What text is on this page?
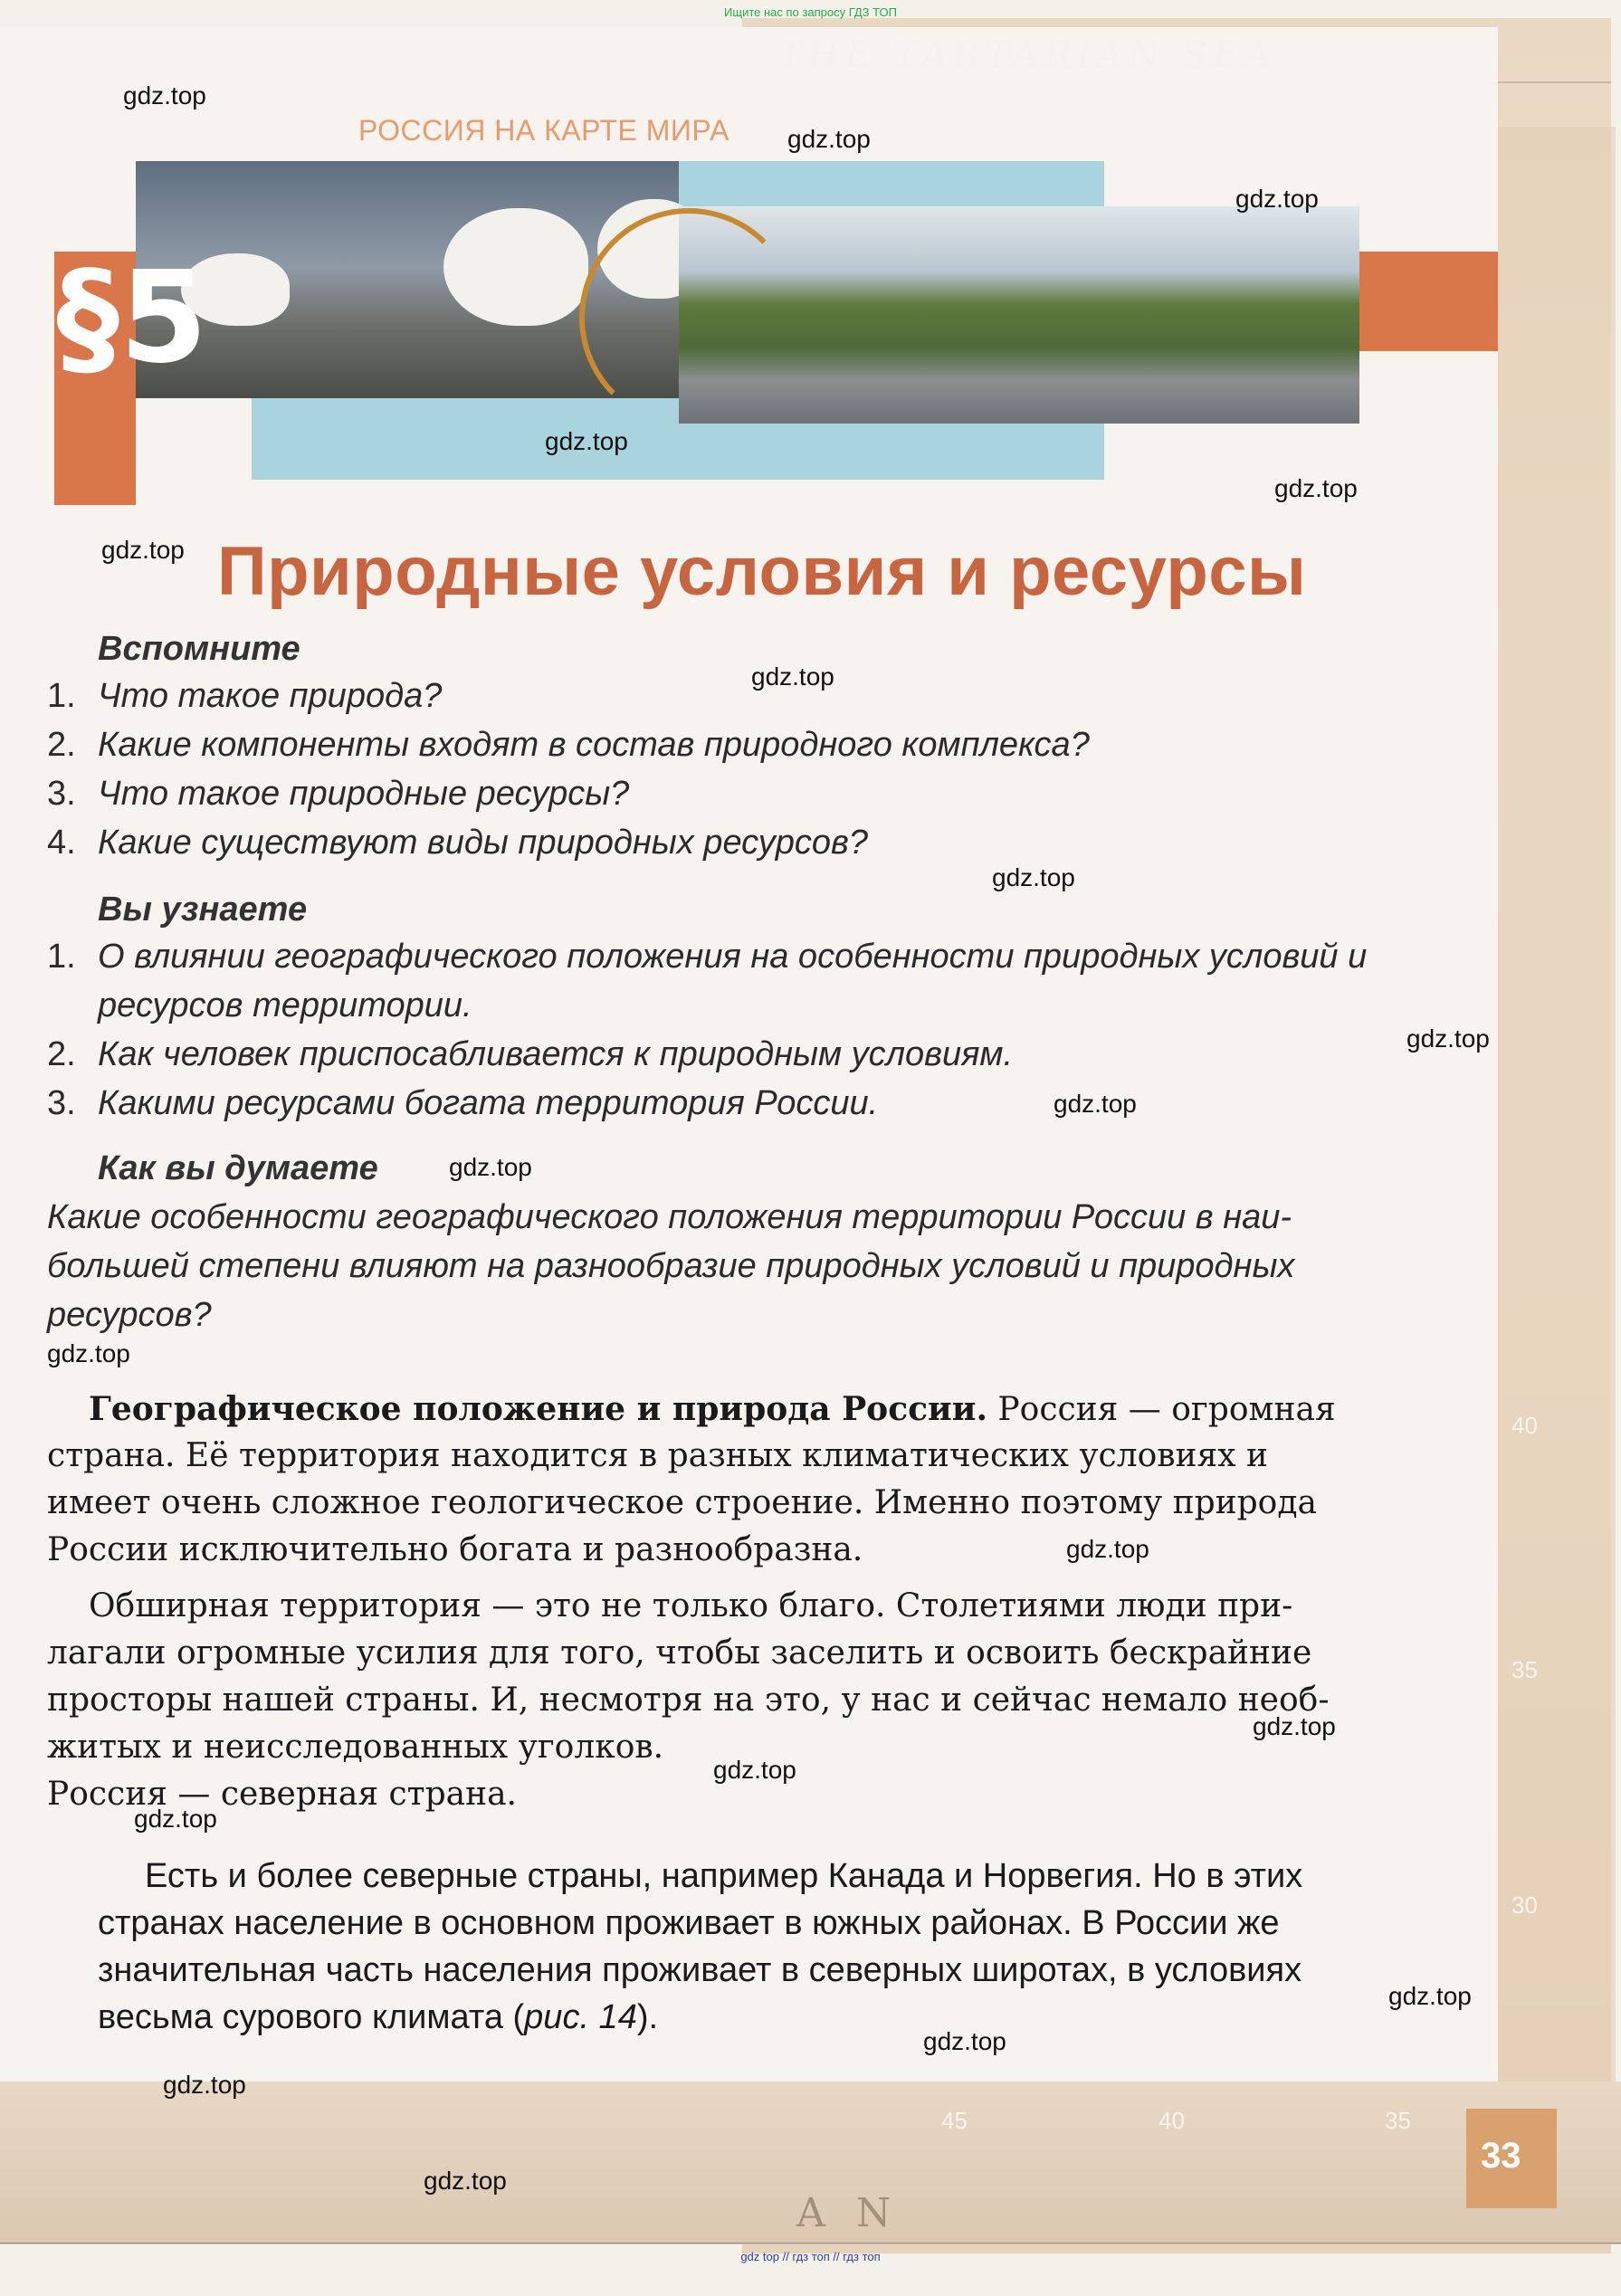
40
35
30
45	40	35
A N
33

Ищите нас по запросу ГДЗ ТОП
РОССИЯ НА КАРТЕ МИРА
§5
Природные условия и ресурсы
Вспомните
1. Что такое природа?
2. Какие компоненты входят в состав природного комплекса?
3. Что такое природные ресурсы?
4. Какие существуют виды природных ресурсов?
Вы узнаете
1. О влиянии географического положения на особенности природных условий и
ресурсов территории.
2. Как человек приспосабливается к природным условиям.
3. Какими ресурсами богата территория России.
Как вы думаете
Какие особенности географического положения территории России в наи-
большей степени влияют на разнообразие природных условий и природных
ресурсов?
Географическое положение и природа России. Россия — огромная
страна. Её территория находится в разных климатических условиях и
имеет очень сложное геологическое строение. Именно поэтому природа
России исключительно богата и разнообразна.
Обширная территория — это не только благо. Столетиями люди при-
лагали огромные усилия для того, чтобы заселить и освоить бескрайние
просторы нашей страны. И, несмотря на это, у нас и сейчас немало необ-
житых и неисследованных уголков.
Россия — северная страна.
Есть и более северные страны, например Канада и Норвегия. Но в этих
странах население в основном проживает в южных районах. В России же
значительная часть населения проживает в северных широтах, в условиях
весьма сурового климата (рис. 14).
gdz.top
gdz.top
gdz.top
gdz.top
gdz.top
gdz.top
gdz.top
gdz.top
gdz.top
gdz.top
gdz.top
gdz.top
gdz.top
gdz.top
gdz.top
gdz.top
gdz.top
gdz.top
gdz.top
gdz.top
gdz top // гдз топ // гдз топ
